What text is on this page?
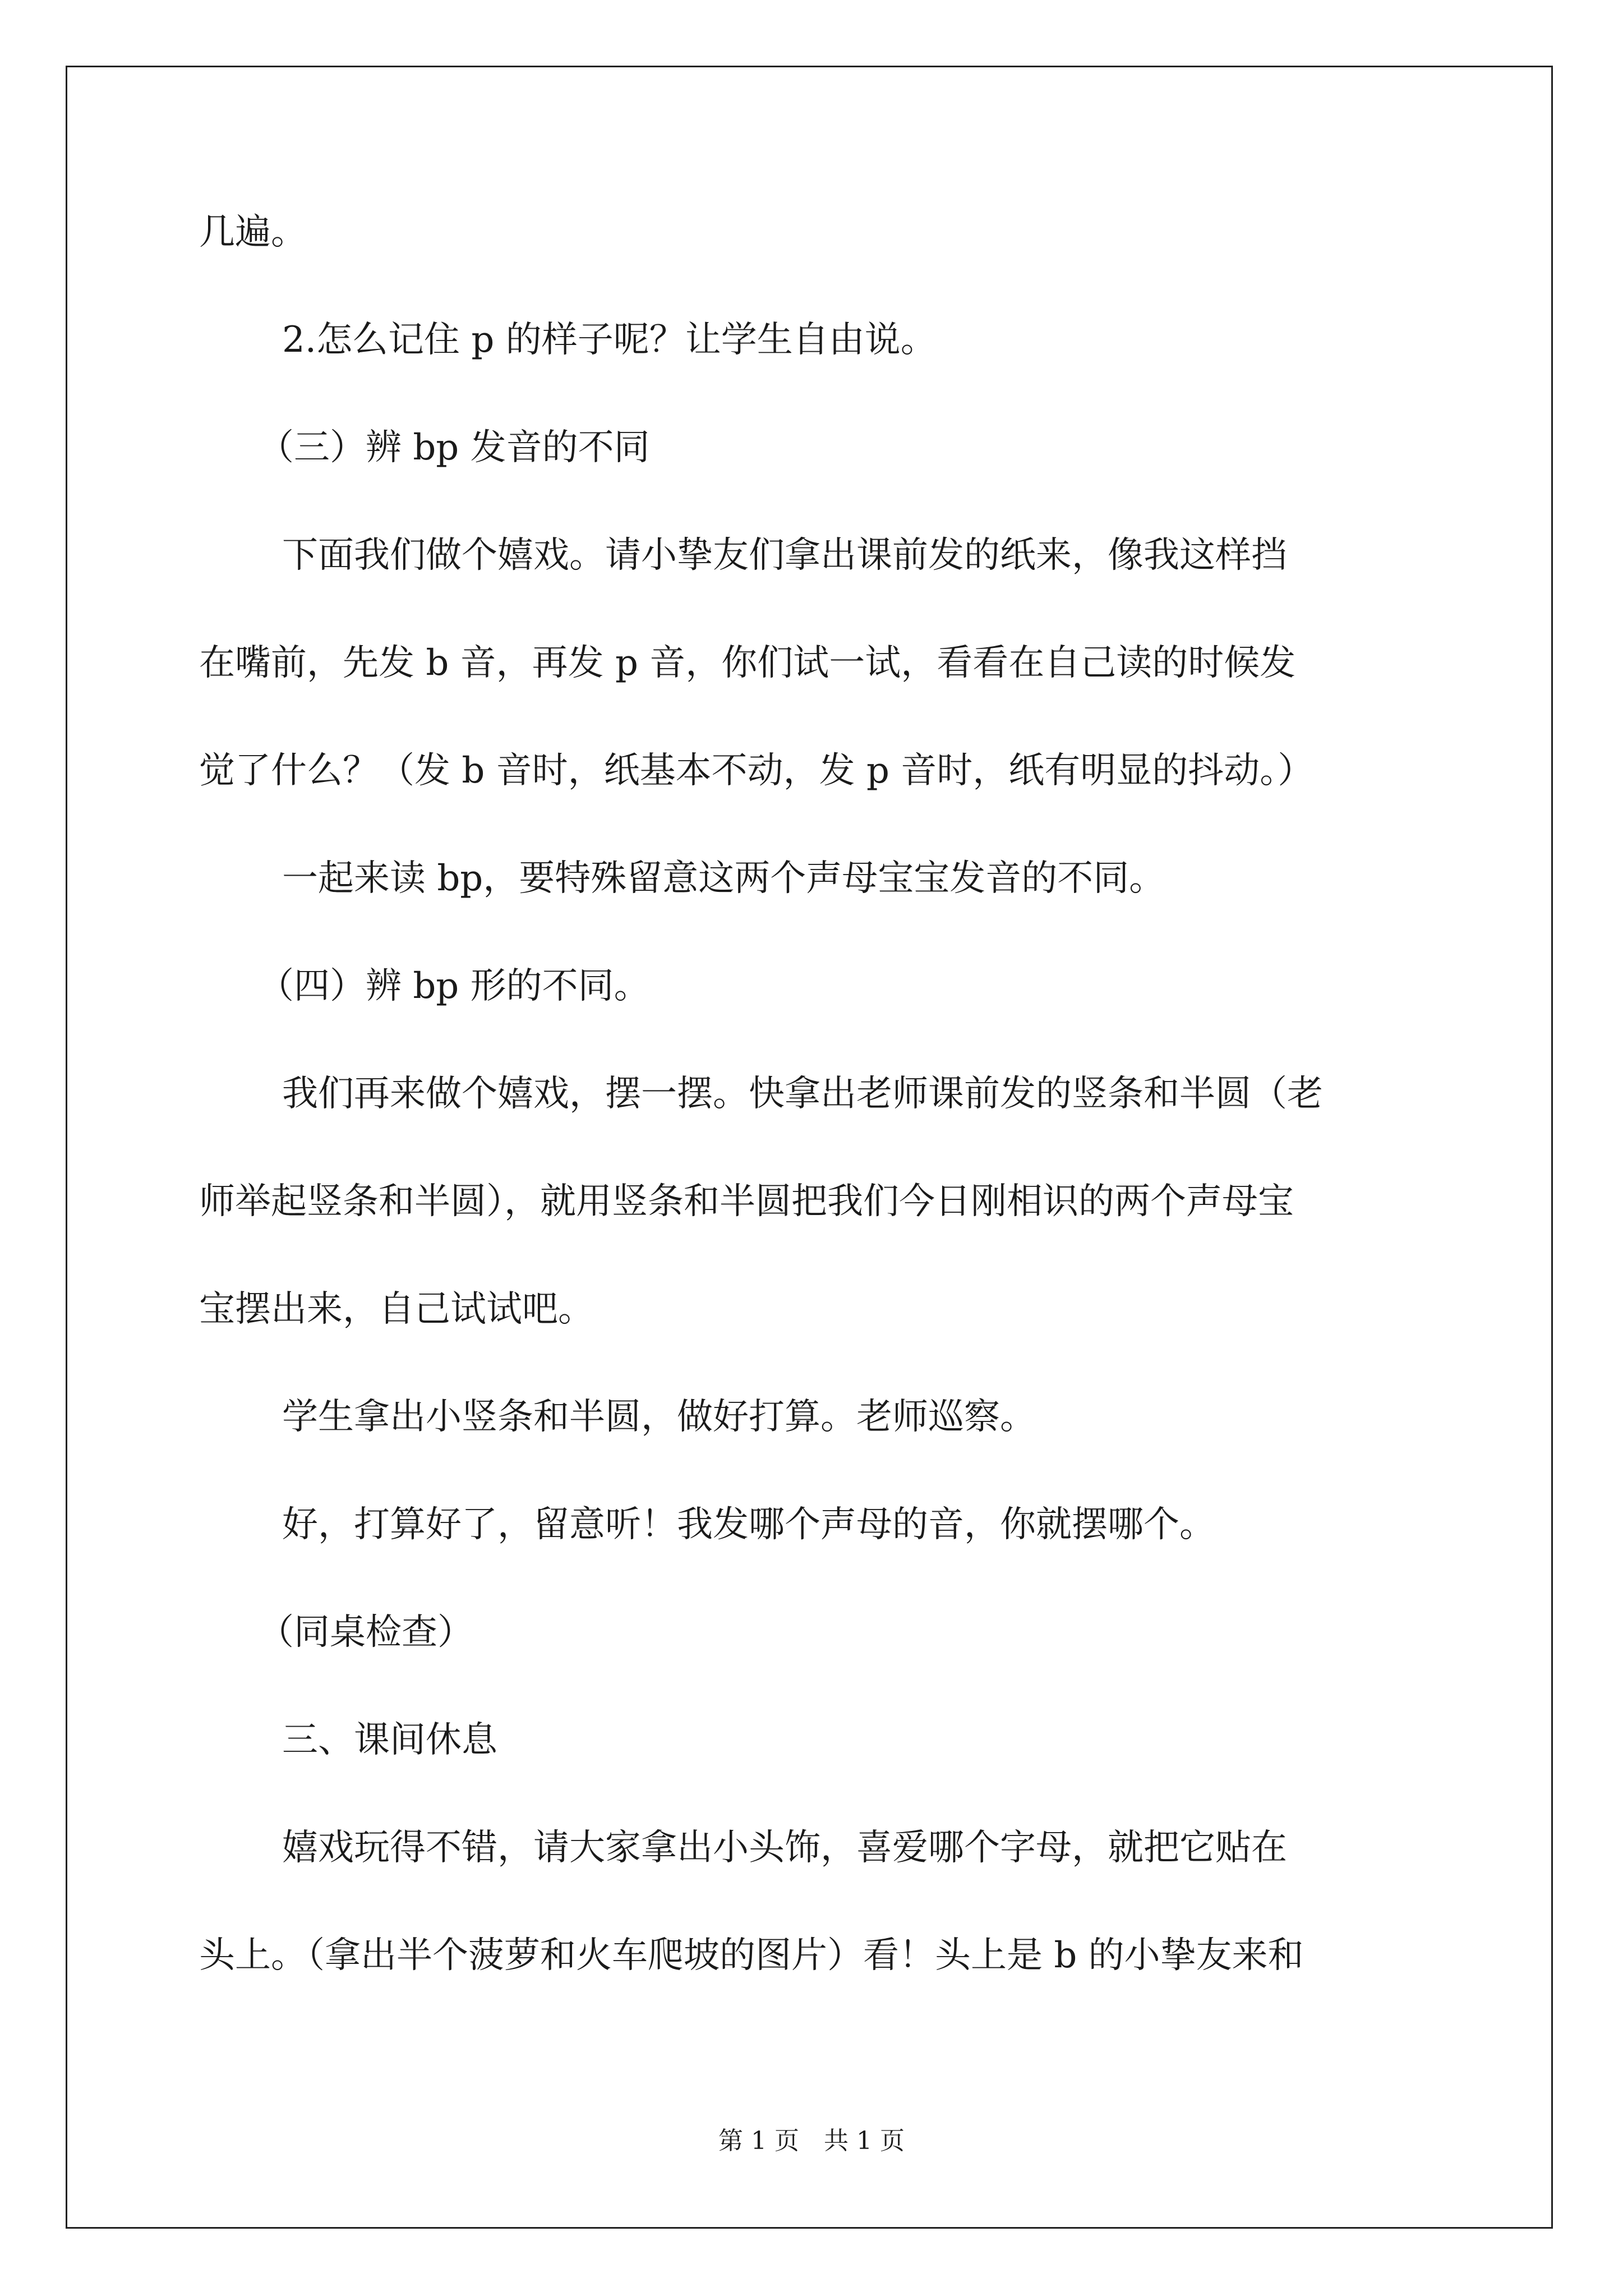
几遍。
2.怎么记住 p 的样子呢？让学生自由说。
（三）辨 bp 发音的不同
下面我们做个嬉戏。请小挚友们拿出课前发的纸来，像我这样挡
在嘴前，先发 b 音，再发 p 音，你们试一试，看看在自己读的时候发
觉了什么？（发 b 音时，纸基本不动，发 p 音时，纸有明显的抖动。）
一起来读 bp，要特殊留意这两个声母宝宝发音的不同。
（四）辨 bp 形的不同。
我们再来做个嬉戏，摆一摆。快拿出老师课前发的竖条和半圆（老
师举起竖条和半圆），就用竖条和半圆把我们今日刚相识的两个声母宝
宝摆出来，自己试试吧。
学生拿出小竖条和半圆，做好打算。老师巡察。
好，打算好了，留意听！我发哪个声母的音，你就摆哪个。
（同桌检查）
三、课间休息
嬉戏玩得不错，请大家拿出小头饰，喜爱哪个字母，就把它贴在
头上。（拿出半个菠萝和火车爬坡的图片）看！头上是 b 的小挚友来和
第 1 页　共 1 页
